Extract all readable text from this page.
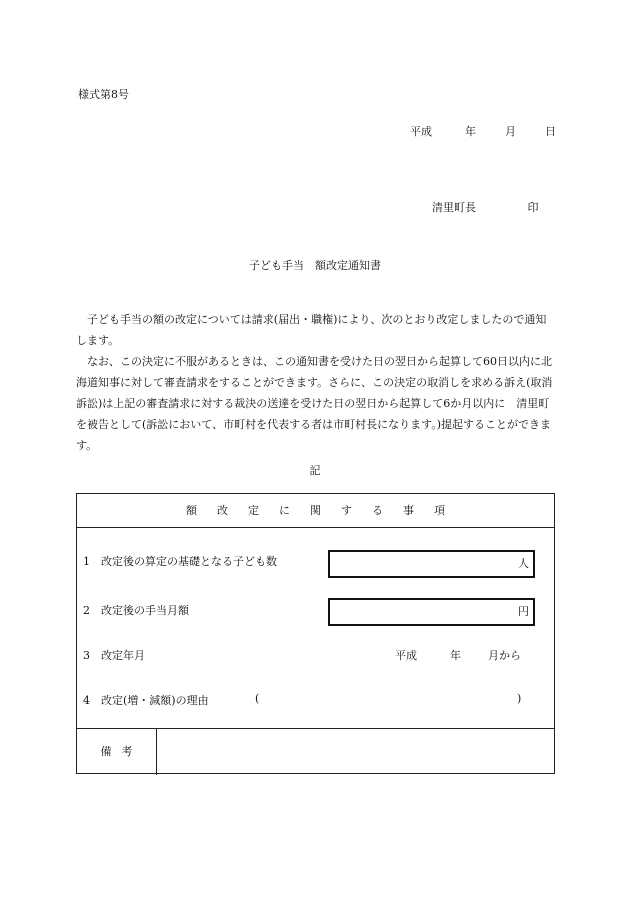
様式第8号
平成	年	月	日
清里町長	印
子ども手当　額改定通知書

子ども手当の額の改定については請求(届出・職権)により、次のとおり改定しましたので通知します。

なお、この決定に不服があるときは、この通知書を受けた日の翌日から起算して60日以内に北海道知事に対して審査請求をすることができます。さらに、この決定の取消しを求める訴え(取消訴訟)は上記の審査請求に対する裁決の送達を受けた日の翌日から起算して6か月以内に　清里町　を被告として(訴訟において、市町村を代表する者は市町村長になります。)提起することができます。

記
額改定に関する事項
1 改定後の算定の基礎となる子ども数	人
2 改定後の手当月額	円
3 改定年月	平成	年 月から
4 改定(増・減額)の理由	(	)
備考
